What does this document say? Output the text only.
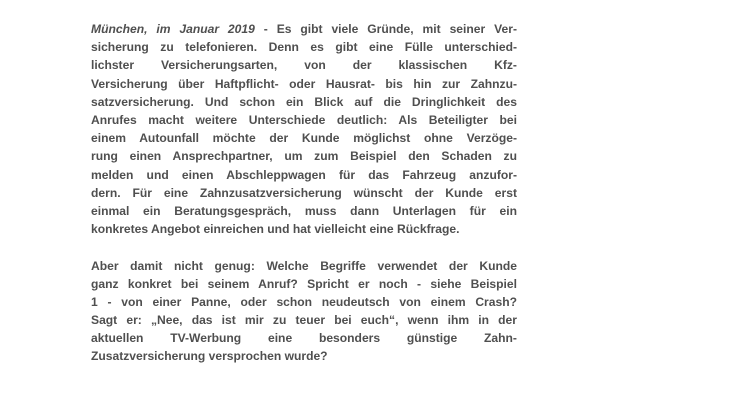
München, im Januar 2019 - Es gibt viele Gründe, mit seiner Ver-
sicherung zu telefonieren. Denn es gibt eine Fülle unterschied-
lichster Versicherungsarten, von der klassischen Kfz-
Versicherung über Haftpflicht- oder Hausrat- bis hin zur Zahnzu-
satzversicherung. Und schon ein Blick auf die Dringlichkeit des
Anrufes macht weitere Unterschiede deutlich: Als Beteiligter bei
einem Autounfall möchte der Kunde möglichst ohne Verzöge-
rung einen Ansprechpartner, um zum Beispiel den Schaden zu
melden und einen Abschleppwagen für das Fahrzeug anzufor-
dern. Für eine Zahnzusatzversicherung wünscht der Kunde erst
einmal ein Beratungsgespräch, muss dann Unterlagen für ein
konkretes Angebot einreichen und hat vielleicht eine Rückfrage.
Aber damit nicht genug: Welche Begriffe verwendet der Kunde
ganz konkret bei seinem Anruf? Spricht er noch - siehe Beispiel
1 - von einer Panne, oder schon neudeutsch von einem Crash?
Sagt er: „Nee, das ist mir zu teuer bei euch“, wenn ihm in der
aktuellen TV-Werbung eine besonders günstige Zahn-
Zusatzversicherung versprochen wurde?
